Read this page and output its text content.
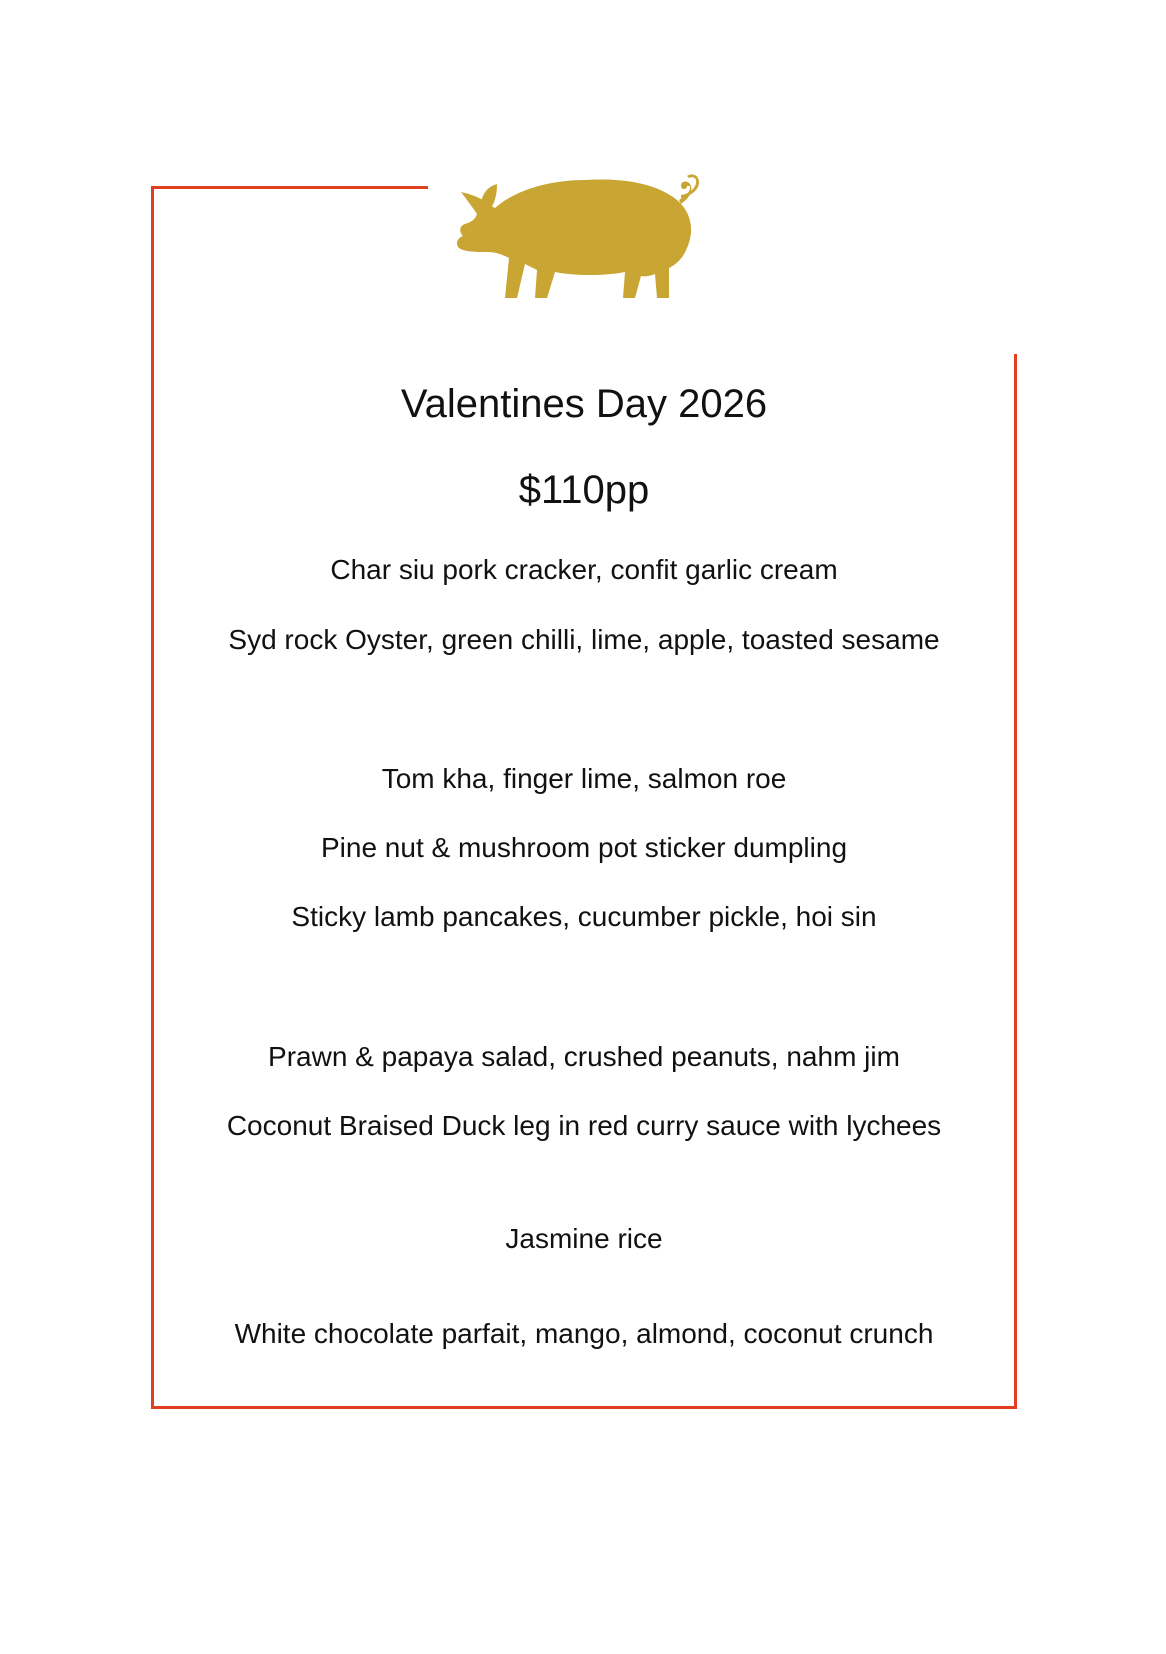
Valentines Day 2026
$110pp
Char siu pork cracker, confit garlic cream
Syd rock Oyster, green chilli, lime, apple, toasted sesame
Tom kha, finger lime, salmon roe
Pine nut & mushroom pot sticker dumpling
Sticky lamb pancakes, cucumber pickle, hoi sin
Prawn & papaya salad, crushed peanuts, nahm jim
Coconut Braised Duck leg in red curry sauce with lychees
Jasmine rice
White chocolate parfait, mango, almond, coconut crunch
